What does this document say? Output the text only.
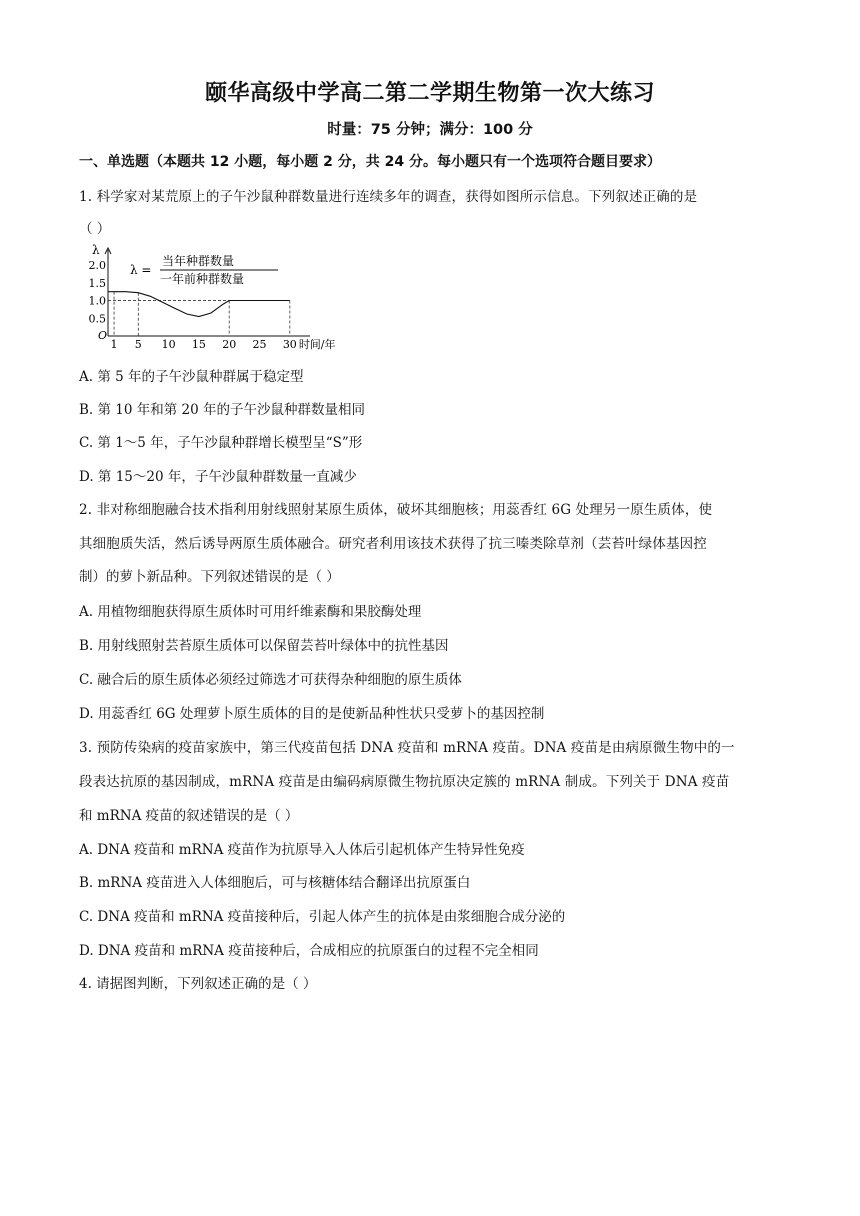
颐华高级中学高二第二学期生物第一次大练习
时量：75 分钟；满分：100 分
一、单选题（本题共 12 小题，每小题 2 分，共 24 分。每小题只有一个选项符合题目要求）
1. 科学家对某荒原上的子午沙鼠种群数量进行连续多年的调查，获得如图所示信息。下列叙述正确的是
（ ）
λ
0.5
1.0
1.5
2.0
O
1 5 10 15 20 25 30 时间/年
λ =
当年种群数量
一年前种群数量
A. 第 5 年的子午沙鼠种群属于稳定型
B. 第 10 年和第 20 年的子午沙鼠种群数量相同
C. 第 1～5 年，子午沙鼠种群增长模型呈“S”形
D. 第 15～20 年，子午沙鼠种群数量一直减少
2. 非对称细胞融合技术指利用射线照射某原生质体，破坏其细胞核；用蕊香红 6G 处理另一原生质体，使
其细胞质失活，然后诱导两原生质体融合。研究者利用该技术获得了抗三嗪类除草剂（芸苔叶绿体基因控
制）的萝卜新品种。下列叙述错误的是（ ）
A. 用植物细胞获得原生质体时可用纤维素酶和果胶酶处理
B. 用射线照射芸苔原生质体可以保留芸苔叶绿体中的抗性基因
C. 融合后的原生质体必须经过筛选才可获得杂种细胞的原生质体
D. 用蕊香红 6G 处理萝卜原生质体的目的是使新品种性状只受萝卜的基因控制
3. 预防传染病的疫苗家族中，第三代疫苗包括 DNA 疫苗和 mRNA 疫苗。DNA 疫苗是由病原微生物中的一
段表达抗原的基因制成，mRNA 疫苗是由编码病原微生物抗原决定簇的 mRNA 制成。下列关于 DNA 疫苗
和 mRNA 疫苗的叙述错误的是（ ）
A. DNA 疫苗和 mRNA 疫苗作为抗原导入人体后引起机体产生特异性免疫
B. mRNA 疫苗进入人体细胞后，可与核糖体结合翻译出抗原蛋白
C. DNA 疫苗和 mRNA 疫苗接种后，引起人体产生的抗体是由浆细胞合成分泌的
D. DNA 疫苗和 mRNA 疫苗接种后，合成相应的抗原蛋白的过程不完全相同
4. 请据图判断，下列叙述正确的是（ ）
